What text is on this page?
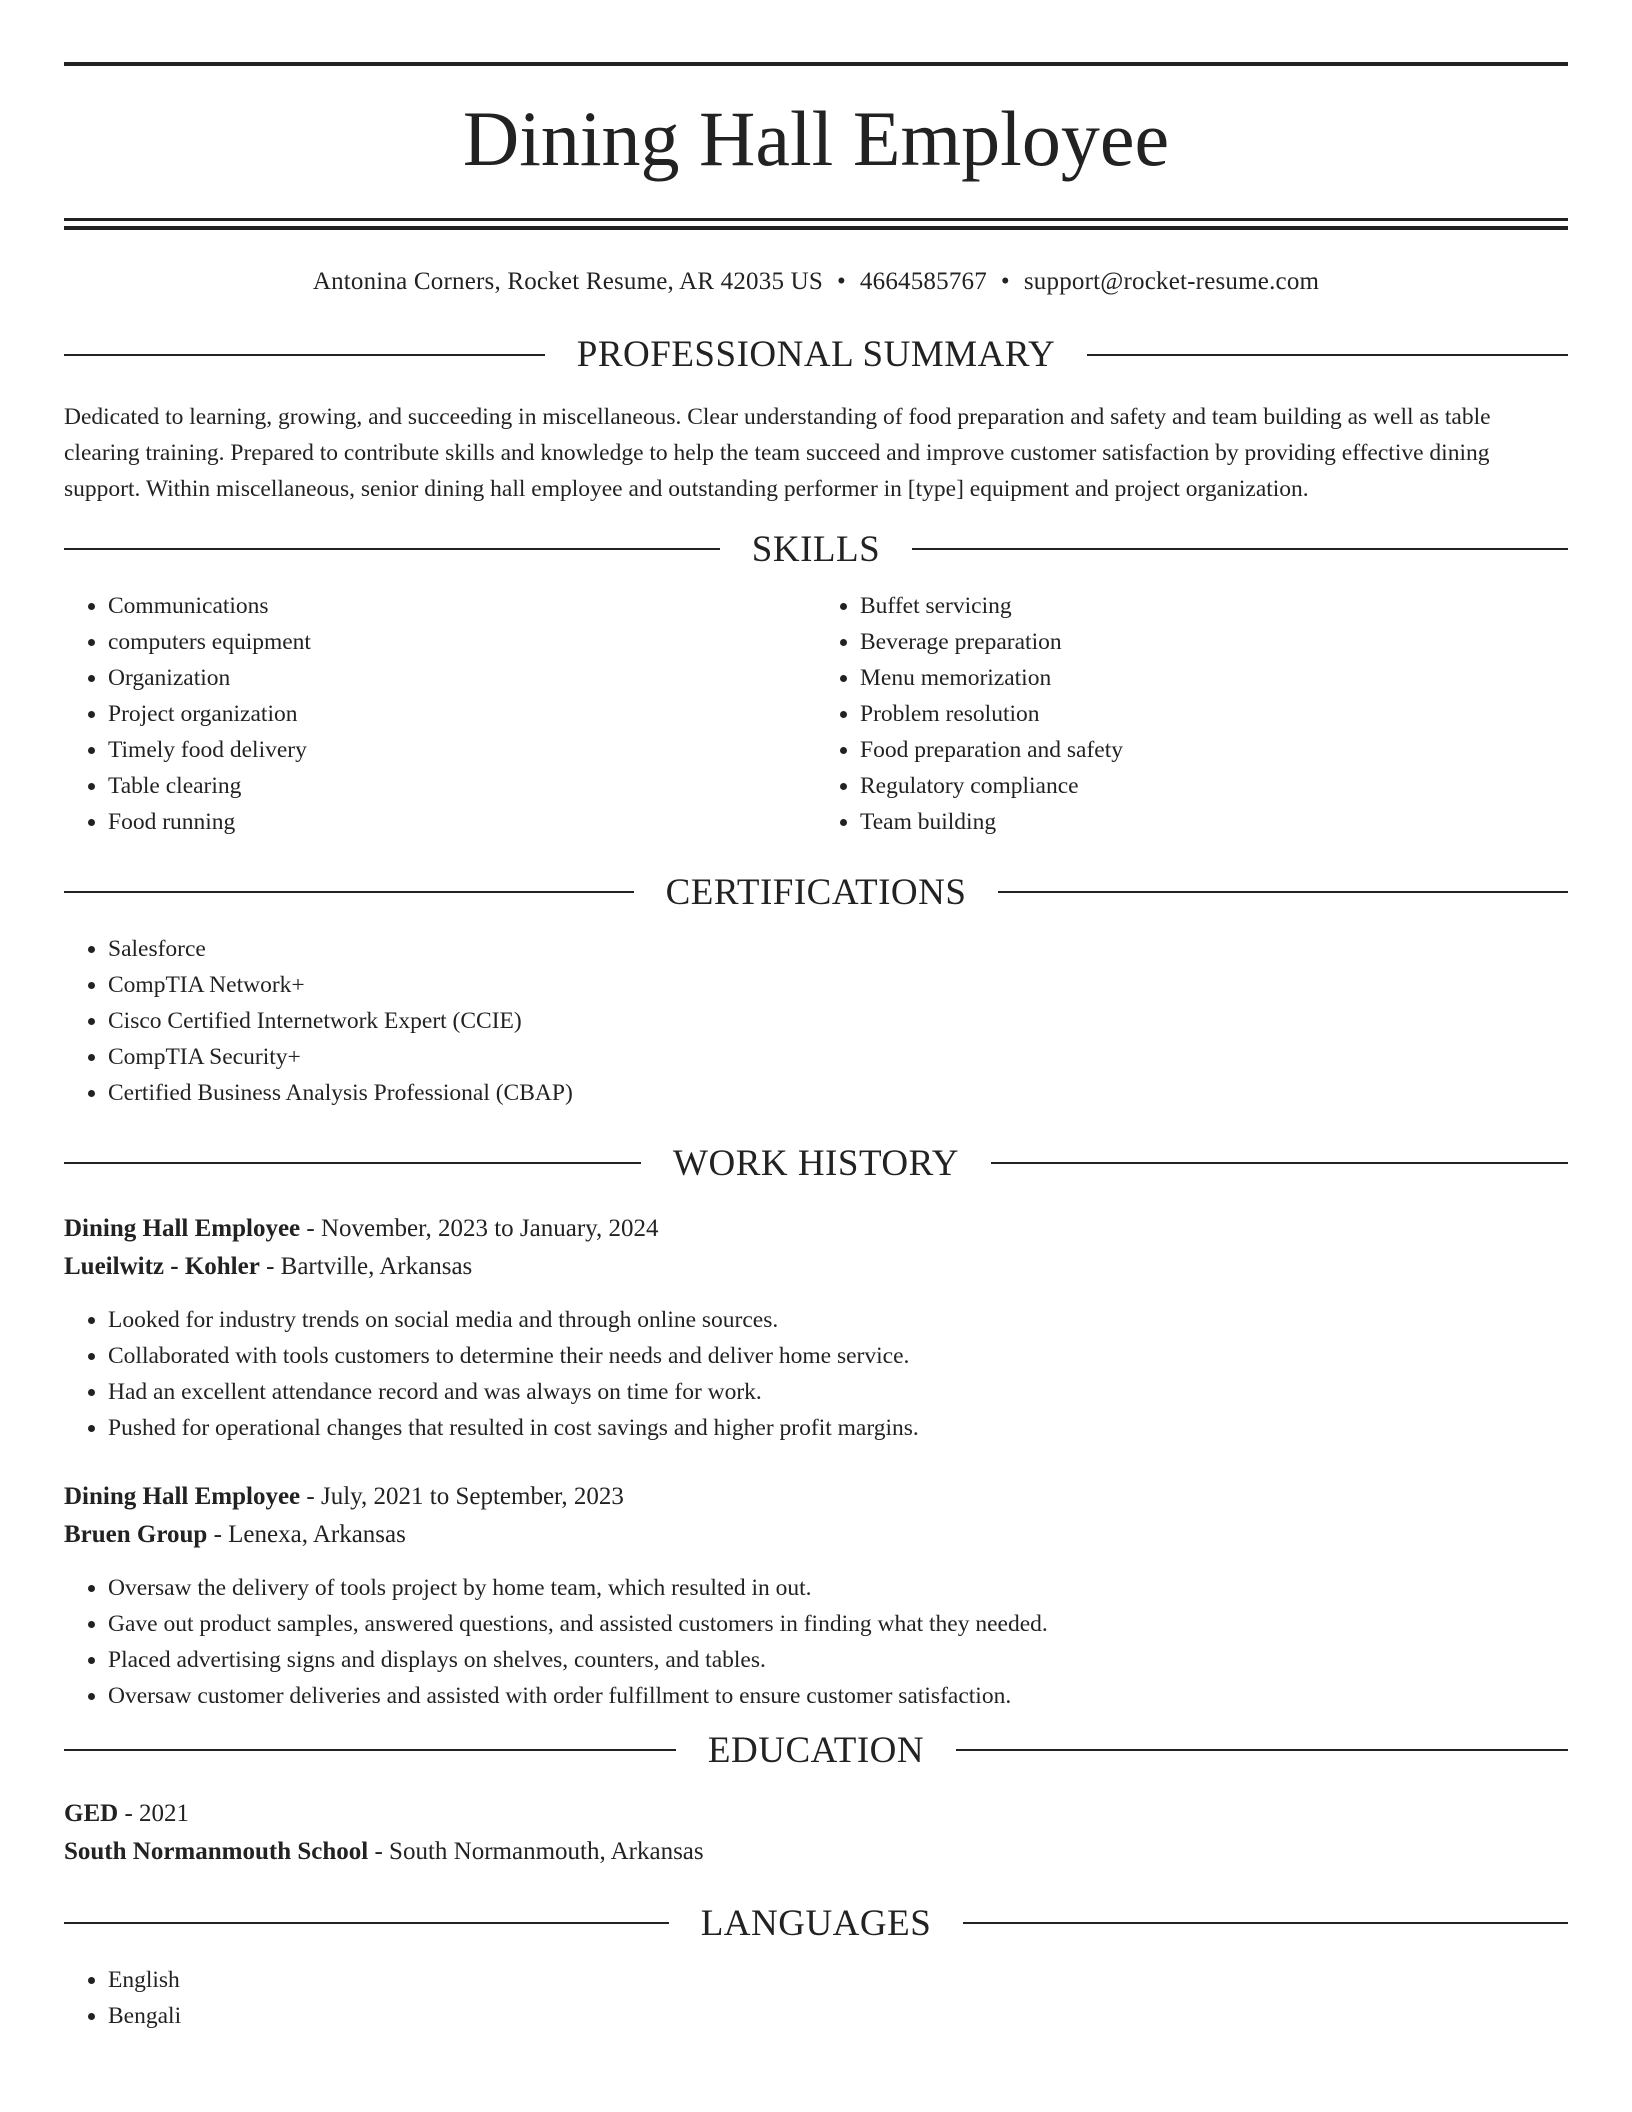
Dining Hall Employee
Antonina Corners, Rocket Resume, AR 42035 US • 4664585767 • support@rocket-resume.com
PROFESSIONAL SUMMARY

Dedicated to learning, growing, and succeeding in miscellaneous. Clear understanding of food preparation and safety and team building as well as table clearing training. Prepared to contribute skills and knowledge to help the team succeed and improve customer satisfaction by providing effective dining support. Within miscellaneous, senior dining hall employee and outstanding performer in [type] equipment and project organization.

SKILLS
• Communications
• computers equipment
• Organization
• Project organization
• Timely food delivery
• Table clearing
• Food running
• Buffet servicing
• Beverage preparation
• Menu memorization
• Problem resolution
• Food preparation and safety
• Regulatory compliance
• Team building
CERTIFICATIONS
• Salesforce
• CompTIA Network+
• Cisco Certified Internetwork Expert (CCIE)
• CompTIA Security+
• Certified Business Analysis Professional (CBAP)
WORK HISTORY
Dining Hall Employee - November, 2023 to January, 2024
Lueilwitz - Kohler - Bartville, Arkansas
• Looked for industry trends on social media and through online sources.
• Collaborated with tools customers to determine their needs and deliver home service.
• Had an excellent attendance record and was always on time for work.
• Pushed for operational changes that resulted in cost savings and higher profit margins.
Dining Hall Employee - July, 2021 to September, 2023
Bruen Group - Lenexa, Arkansas
• Oversaw the delivery of tools project by home team, which resulted in out.
• Gave out product samples, answered questions, and assisted customers in finding what they needed.
• Placed advertising signs and displays on shelves, counters, and tables.
• Oversaw customer deliveries and assisted with order fulfillment to ensure customer satisfaction.
EDUCATION
GED - 2021
South Normanmouth School - South Normanmouth, Arkansas
LANGUAGES
• English
• Bengali
